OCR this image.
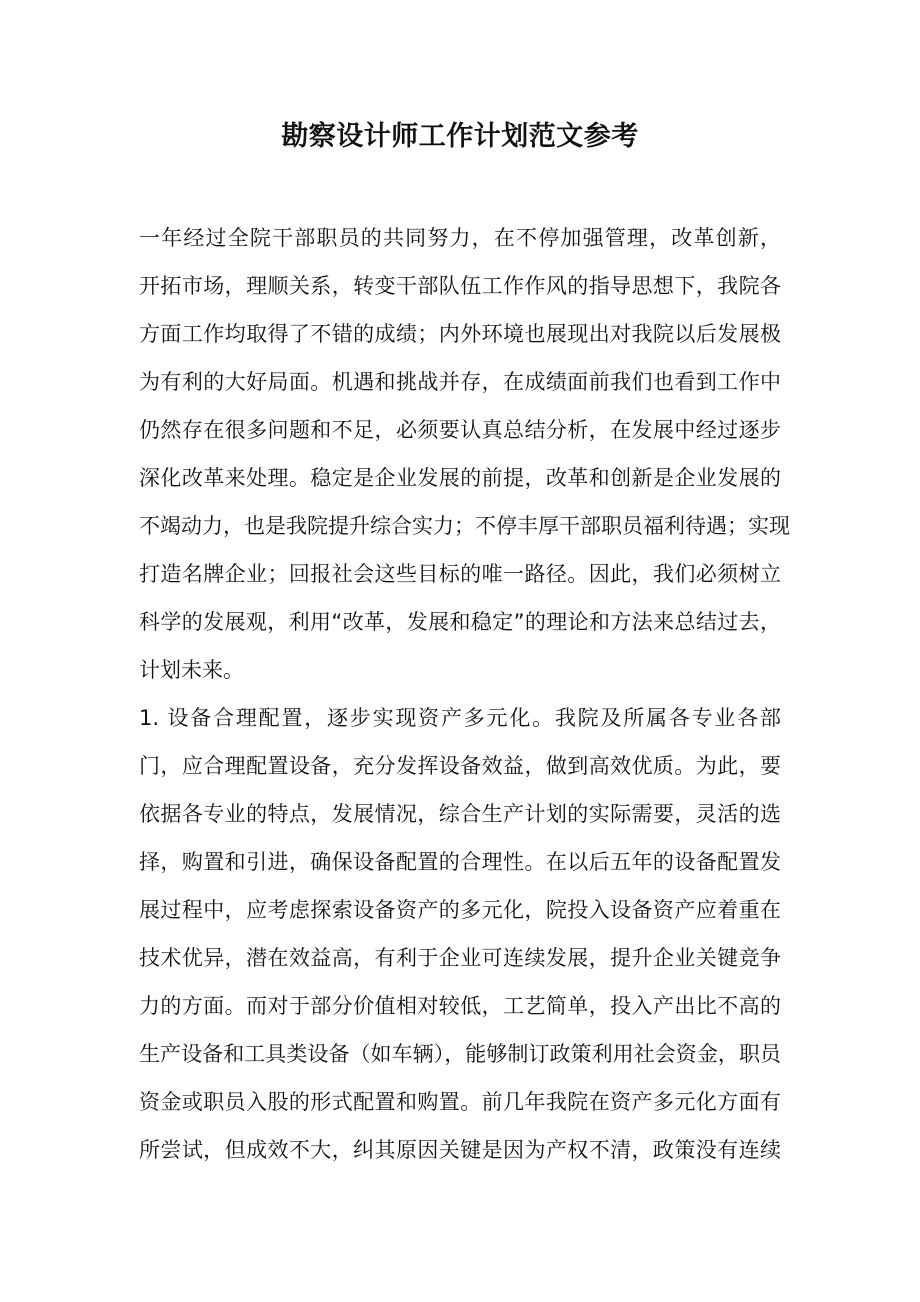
勘察设计师工作计划范文参考
一年经过全院干部职员的共同努力，在不停加强管理，改革创新，
开拓市场，理顺关系，转变干部队伍工作作风的指导思想下，我院各
方面工作均取得了不错的成绩；内外环境也展现出对我院以后发展极
为有利的大好局面。机遇和挑战并存，在成绩面前我们也看到工作中
仍然存在很多问题和不足，必须要认真总结分析，在发展中经过逐步
深化改革来处理。稳定是企业发展的前提，改革和创新是企业发展的
不竭动力，也是我院提升综合实力；不停丰厚干部职员福利待遇；实现
打造名牌企业；回报社会这些目标的唯一路径。因此，我们必须树立
科学的发展观，利用“改革，发展和稳定”的理论和方法来总结过去，
计划未来。
1. 设备合理配置，逐步实现资产多元化。我院及所属各专业各部
门，应合理配置设备，充分发挥设备效益，做到高效优质。为此，要
依据各专业的特点，发展情况，综合生产计划的实际需要，灵活的选
择，购置和引进，确保设备配置的合理性。在以后五年的设备配置发
展过程中，应考虑探索设备资产的多元化，院投入设备资产应着重在
技术优异，潜在效益高，有利于企业可连续发展，提升企业关键竞争
力的方面。而对于部分价值相对较低，工艺简单，投入产出比不高的
生产设备和工具类设备（如车辆），能够制订政策利用社会资金，职员
资金或职员入股的形式配置和购置。前几年我院在资产多元化方面有
所尝试，但成效不大，纠其原因关键是因为产权不清，政策没有连续
